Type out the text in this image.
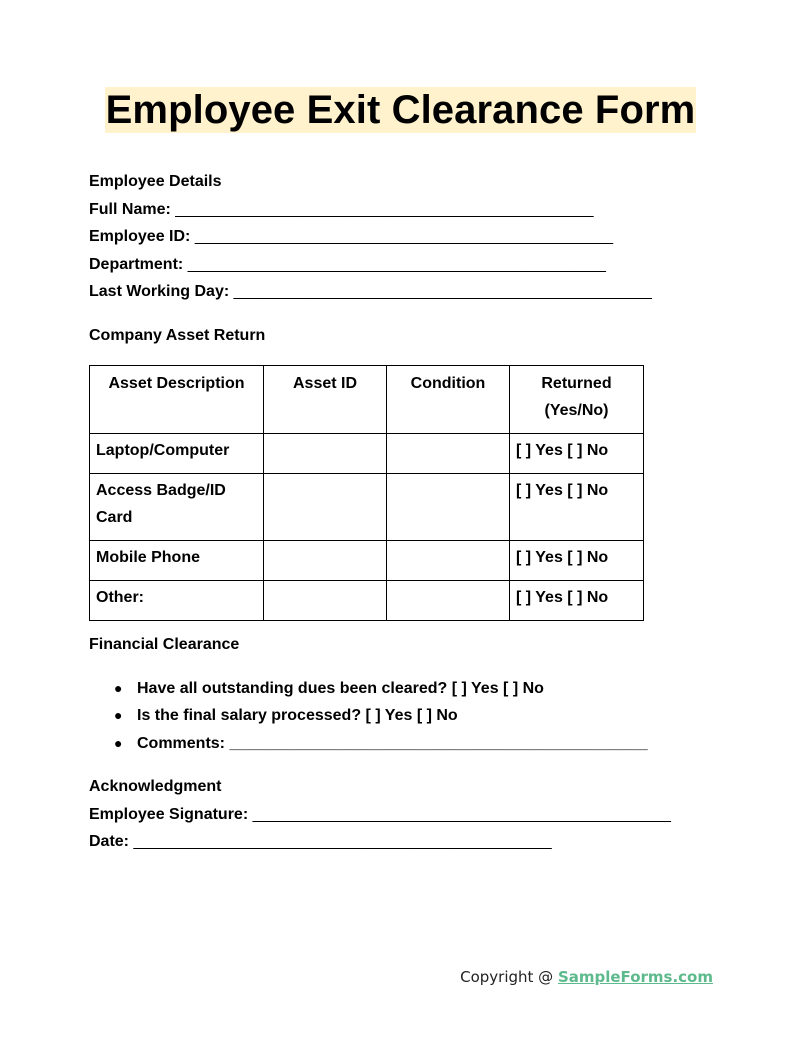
Employee Exit Clearance Form
Employee Details
Full Name: _______________________________________________
Employee ID: _______________________________________________
Department: _______________________________________________
Last Working Day: _______________________________________________
Company Asset Return
Asset Description	Asset ID	Condition	Returned (Yes/No)
Laptop/Computer			[ ] Yes [ ] No
Access Badge/ID Card			[ ] Yes [ ] No
Mobile Phone			[ ] Yes [ ] No
Other:			[ ] Yes [ ] No
Financial Clearance
● Have all outstanding dues been cleared? [ ] Yes [ ] No
● Is the final salary processed? [ ] Yes [ ] No
● Comments: _______________________________________________
Acknowledgment
Employee Signature: _______________________________________________
Date: _______________________________________________
Copyright @ SampleForms.com
